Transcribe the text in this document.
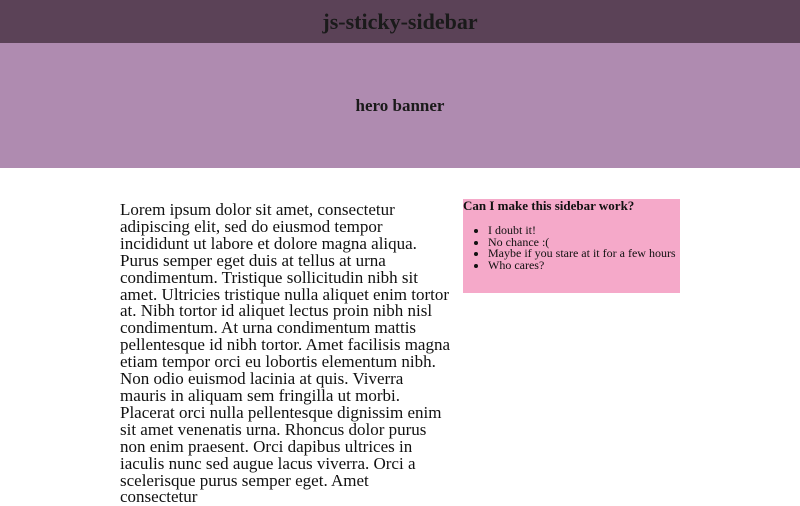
js-sticky-sidebar
hero banner

Lorem ipsum dolor sit amet, consectetur adipiscing elit, sed do eiusmod tempor incididunt ut labore et dolore magna aliqua. Purus semper eget duis at tellus at urna condimentum. Tristique sollicitudin nibh sit amet. Ultricies tristique nulla aliquet enim tortor at. Nibh tortor id aliquet lectus proin nibh nisl condimentum. At urna condimentum mattis pellentesque id nibh tortor. Amet facilisis magna etiam tempor orci eu lobortis elementum nibh. Non odio euismod lacinia at quis. Viverra mauris in aliquam sem fringilla ut morbi. Placerat orci nulla pellentesque dignissim enim sit amet venenatis urna. Rhoncus dolor purus non enim praesent. Orci dapibus ultrices in iaculis nunc sed augue lacus viverra. Orci a scelerisque purus semper eget. Amet consectetur

Can I make this sidebar work?
• I doubt it!
• No chance :(
• Maybe if you stare at it for a few hours
• Who cares?
